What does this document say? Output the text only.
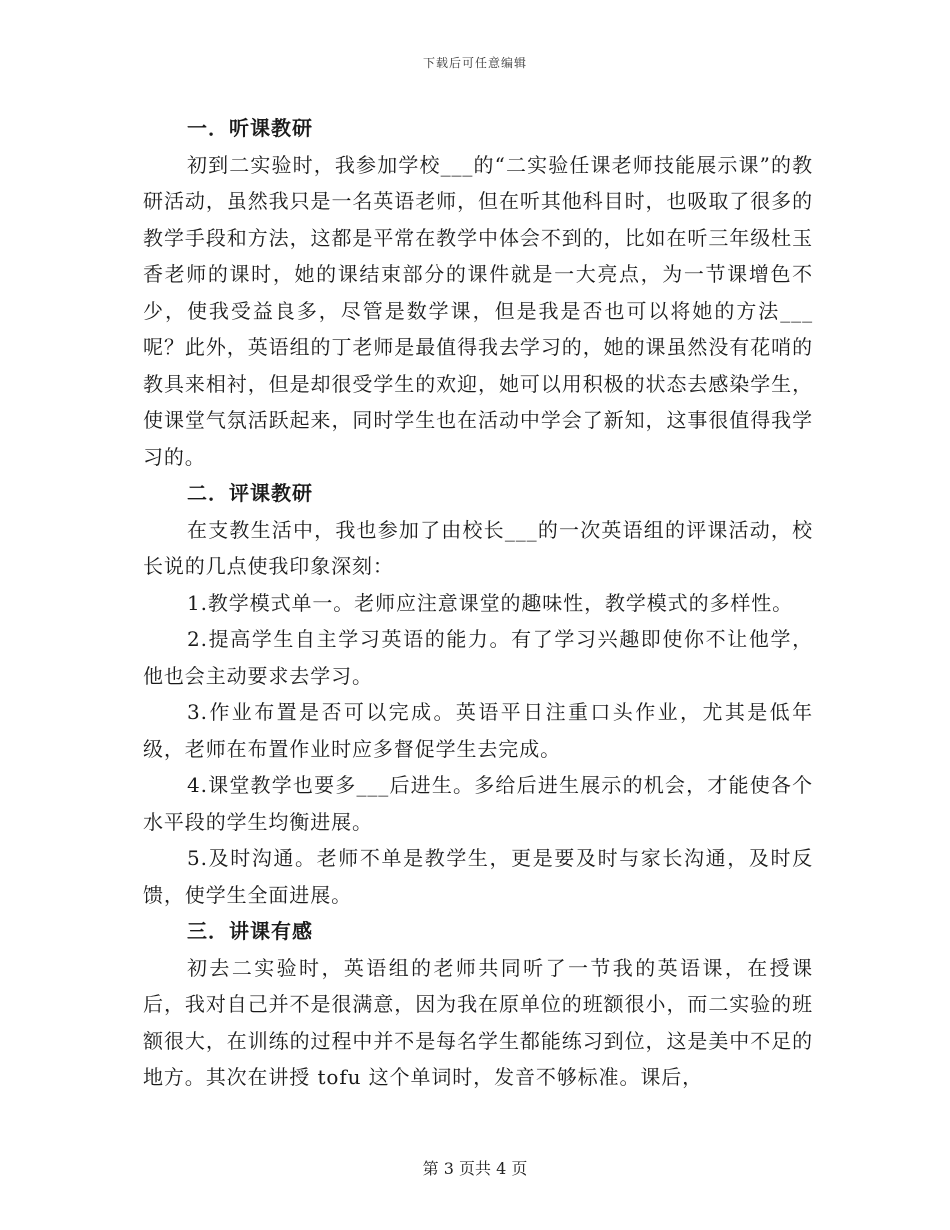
下载后可任意编辑
一．听课教研

初到二实验时，我参加学校___的“二实验任课老师技能展示课”的教研活动，虽然我只是一名英语老师，但在听其他科目时，也吸取了很多的教学手段和方法，这都是平常在教学中体会不到的，比如在听三年级杜玉香老师的课时，她的课结束部分的课件就是一大亮点，为一节课增色不少，使我受益良多，尽管是数学课，但是我是否也可以将她的方法___呢？此外，英语组的丁老师是最值得我去学习的，她的课虽然没有花哨的教具来相衬，但是却很受学生的欢迎，她可以用积极的状态去感染学生，使课堂气氛活跃起来，同时学生也在活动中学会了新知，这事很值得我学习的。

二．评课教研

在支教生活中，我也参加了由校长___的一次英语组的评课活动，校长说的几点使我印象深刻：

1.教学模式单一。老师应注意课堂的趣味性，教学模式的多样性。

2.提高学生自主学习英语的能力。有了学习兴趣即使你不让他学，他也会主动要求去学习。

3.作业布置是否可以完成。英语平日注重口头作业，尤其是低年级，老师在布置作业时应多督促学生去完成。

4.课堂教学也要多___后进生。多给后进生展示的机会，才能使各个水平段的学生均衡进展。

5.及时沟通。老师不单是教学生，更是要及时与家长沟通，及时反馈，使学生全面进展。

三．讲课有感

初去二实验时，英语组的老师共同听了一节我的英语课，在授课后，我对自己并不是很满意，因为我在原单位的班额很小，而二实验的班额很大，在训练的过程中并不是每名学生都能练习到位，这是美中不足的地方。其次在讲授 tofu 这个单词时，发音不够标准。课后，

第 3 页共 4 页
